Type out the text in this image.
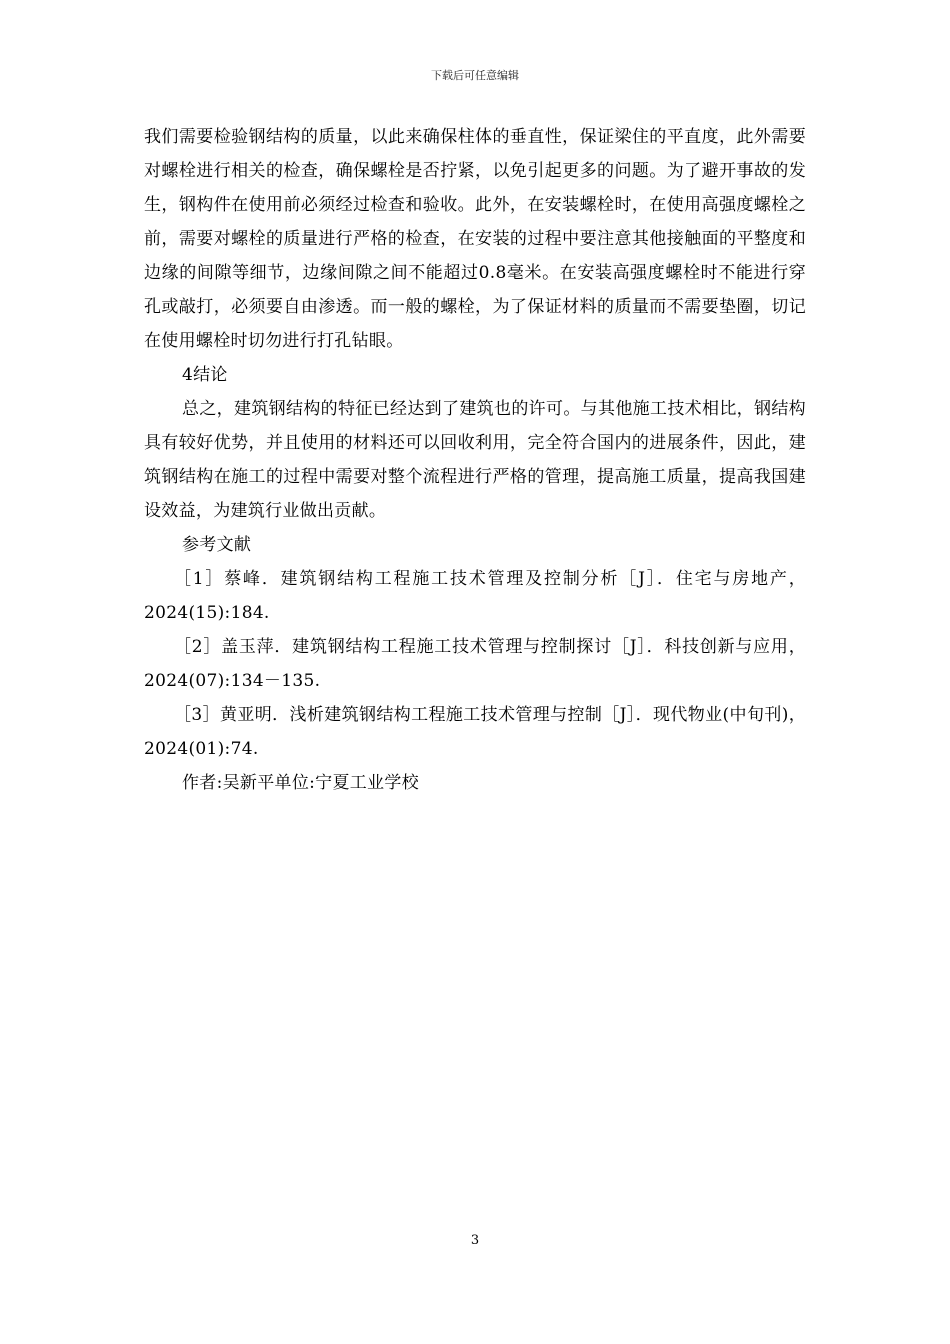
下载后可任意编辑

我们需要检验钢结构的质量，以此来确保柱体的垂直性，保证梁住的平直度，此外需要对螺栓进行相关的检查，确保螺栓是否拧紧，以免引起更多的问题。为了避开事故的发生，钢构件在使用前必须经过检查和验收。此外，在安装螺栓时，在使用高强度螺栓之前，需要对螺栓的质量进行严格的检查，在安装的过程中要注意其他接触面的平整度和边缘的间隙等细节，边缘间隙之间不能超过0.8毫米。在安装高强度螺栓时不能进行穿孔或敲打，必须要自由渗透。而一般的螺栓，为了保证材料的质量而不需要垫圈，切记在使用螺栓时切勿进行打孔钻眼。

4结论

总之，建筑钢结构的特征已经达到了建筑也的许可。与其他施工技术相比，钢结构具有较好优势，并且使用的材料还可以回收利用，完全符合国内的进展条件，因此，建筑钢结构在施工的过程中需要对整个流程进行严格的管理，提高施工质量，提高我国建设效益，为建筑行业做出贡献。

参考文献

［1］蔡峰．建筑钢结构工程施工技术管理及控制分析［J］．住宅与房地产，2024(15):184.

［2］盖玉萍．建筑钢结构工程施工技术管理与控制探讨［J］．科技创新与应用，2024(07):134－135.

［3］黄亚明．浅析建筑钢结构工程施工技术管理与控制［J］．现代物业(中旬刊)，2024(01):74.

作者:吴新平单位:宁夏工业学校

3
